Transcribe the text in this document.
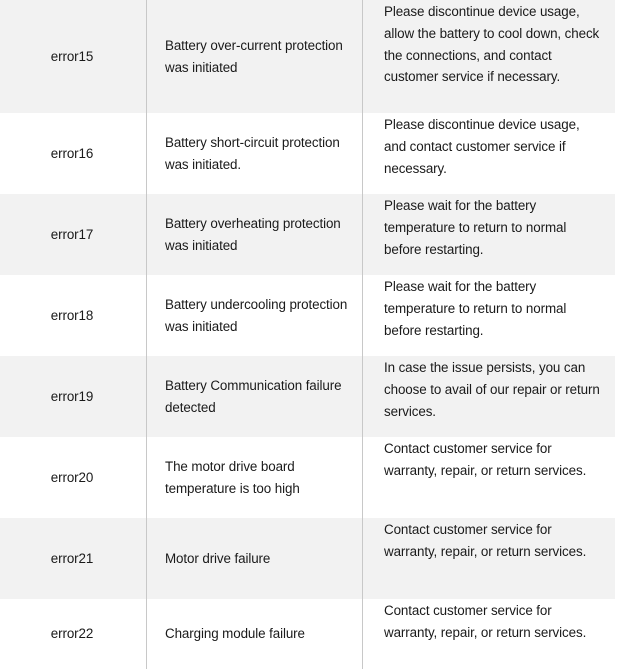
error15
Battery over-current protection was initiated
Please discontinue device usage, allow the battery to cool down, check the connections, and contact customer service if necessary.
error16
Battery short-circuit protection was initiated.
Please discontinue device usage, and contact customer service if necessary.
error17
Battery overheating protection was initiated
Please wait for the battery temperature to return to normal before restarting.
error18
Battery undercooling protection was initiated
Please wait for the battery temperature to return to normal before restarting.
error19
Battery Communication failure detected
In case the issue persists, you can choose to avail of our repair or return services.
error20
The motor drive board temperature is too high
Contact customer service for warranty, repair, or return services.
error21	Motor drive failure
Contact customer service for warranty, repair, or return services.
error22	Charging module failure
Contact customer service for warranty, repair, or return services.
